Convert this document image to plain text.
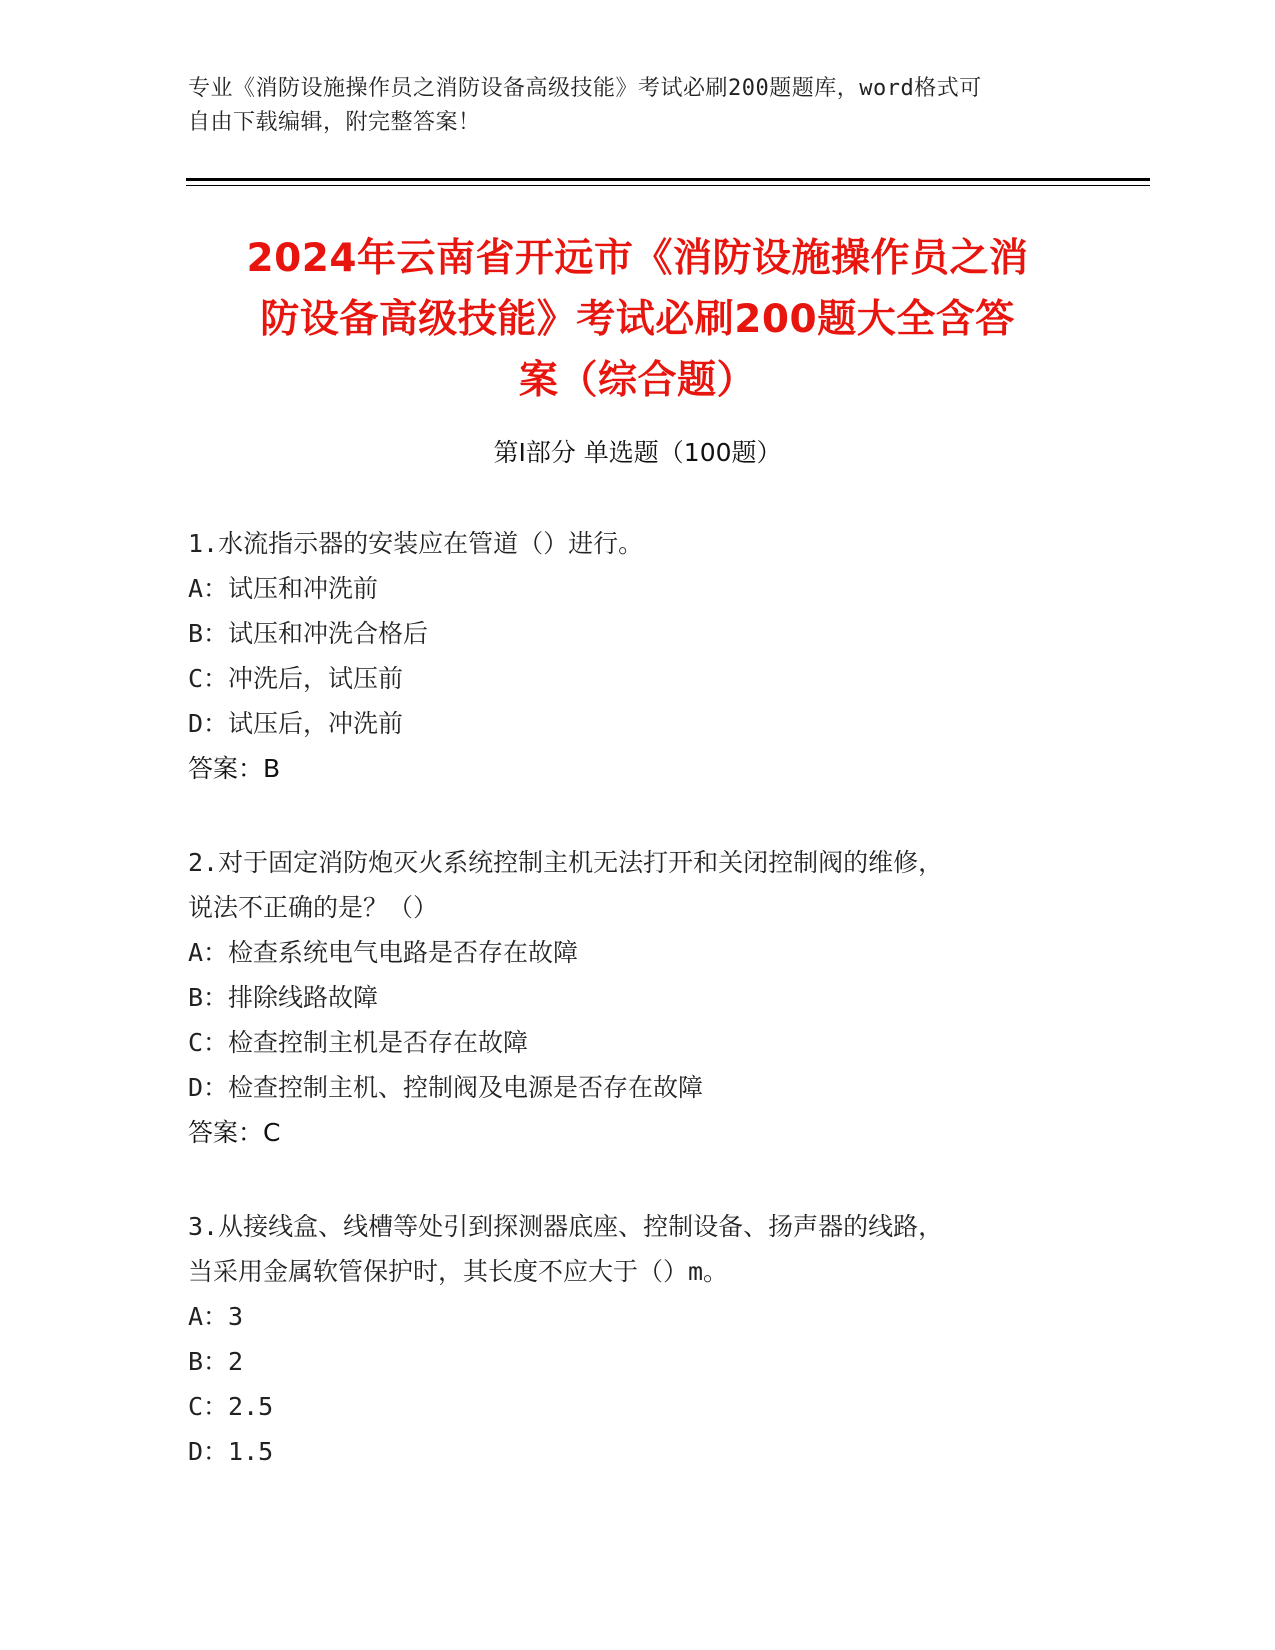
专业《消防设施操作员之消防设备高级技能》考试必刷200题题库，word格式可
自由下载编辑，附完整答案！
2024年云南省开远市《消防设施操作员之消
防设备高级技能》考试必刷200题大全含答
案（综合题）
第Ⅰ部分 单选题（100题）
1.水流指示器的安装应在管道（）进行。
A：试压和冲洗前
B：试压和冲洗合格后
C：冲洗后，试压前
D：试压后，冲洗前
答案：B
2.对于固定消防炮灭火系统控制主机无法打开和关闭控制阀的维修，
说法不正确的是？（）
A：检查系统电气电路是否存在故障
B：排除线路故障
C：检查控制主机是否存在故障
D：检查控制主机、控制阀及电源是否存在故障
答案：C
3.从接线盒、线槽等处引到探测器底座、控制设备、扬声器的线路，
当采用金属软管保护时，其长度不应大于（）m。
A：3
B：2
C：2.5
D：1.5
